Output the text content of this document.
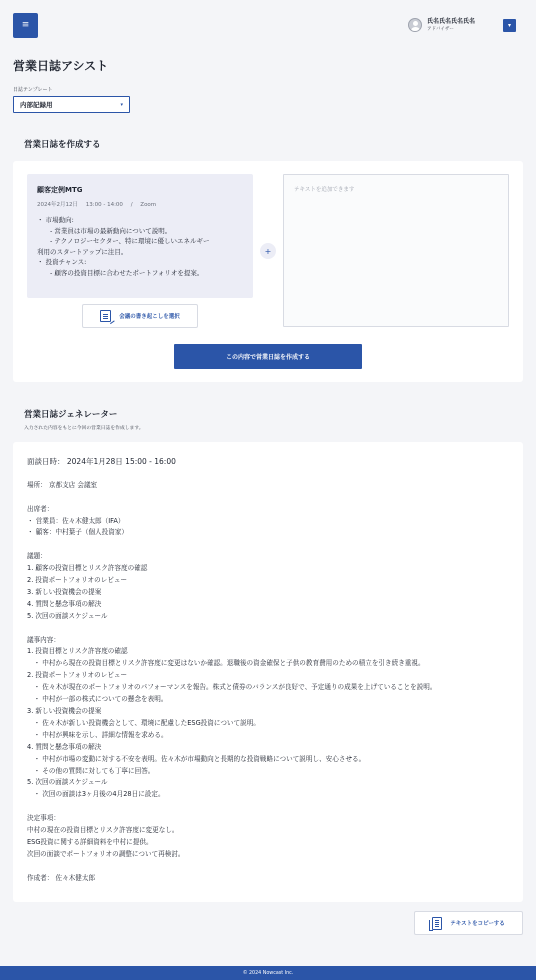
≡	氏名氏名氏名氏名
アドバイザー
▾
営業日誌アシスト
日誌テンプレート
内部記録用	▾
営業日誌を作成する
顧客定例MTG
2024年2月12日 13:00 - 14:00 / Zoom
・ 市場動向:
　　- 営業員は市場の最新動向について説明。
　　- テクノロジーセクター、特に環境に優しいエネルギー
利用のスタートアップに注目。
・ 投資チャンス:
　　- 顧客の投資目標に合わせたポートフォリオを提案。
+
テキストを追加できます
会議の書き起こしを選択
この内容で営業日誌を作成する
営業日誌ジェネレーター
入力された内容をもとに今回の営業日誌を作成します。
面談日時： 2024年1月28日 15:00 - 16:00
場所： 京都支店 会議室
出席者：
・ 営業員：佐々木健太郎（IFA）
・ 顧客：中村葉子（個人投資家）
議題：
1. 顧客の投資目標とリスク許容度の確認
2. 投資ポートフォリオのレビュー
3. 新しい投資機会の提案
4. 質問と懸念事項の解決
5. 次回の面談スケジュール
議事内容：
1. 投資目標とリスク許容度の確認
　・ 中村から現在の投資目標とリスク許容度に変更はないか確認。退職後の資金確保と子供の教育費用のための積立を引き続き重視。
2. 投資ポートフォリオのレビュー
　・ 佐々木が現在のポートフォリオのパフォーマンスを報告。株式と債券のバランスが良好で、予定通りの成果を上げていることを説明。
　・ 中村が一部の株式についての懸念を表明。
3. 新しい投資機会の提案
　・ 佐々木が新しい投資機会として、環境に配慮したESG投資について説明。
　・ 中村が興味を示し、詳細な情報を求める。
4. 質問と懸念事項の解決
　・ 中村が市場の変動に対する不安を表明。佐々木が市場動向と長期的な投資戦略について説明し、安心させる。
　・ その他の質問に対しても丁寧に回答。
5. 次回の面談スケジュール
　・ 次回の面談は3ヶ月後の4月28日に設定。
決定事項：
中村の現在の投資目標とリスク許容度に変更なし。
ESG投資に関する詳細資料を中村に提供。
次回の面談でポートフォリオの調整について再検討。
作成者： 佐々木健太郎
テキストをコピーする
© 2024 Nowcast Inc.
